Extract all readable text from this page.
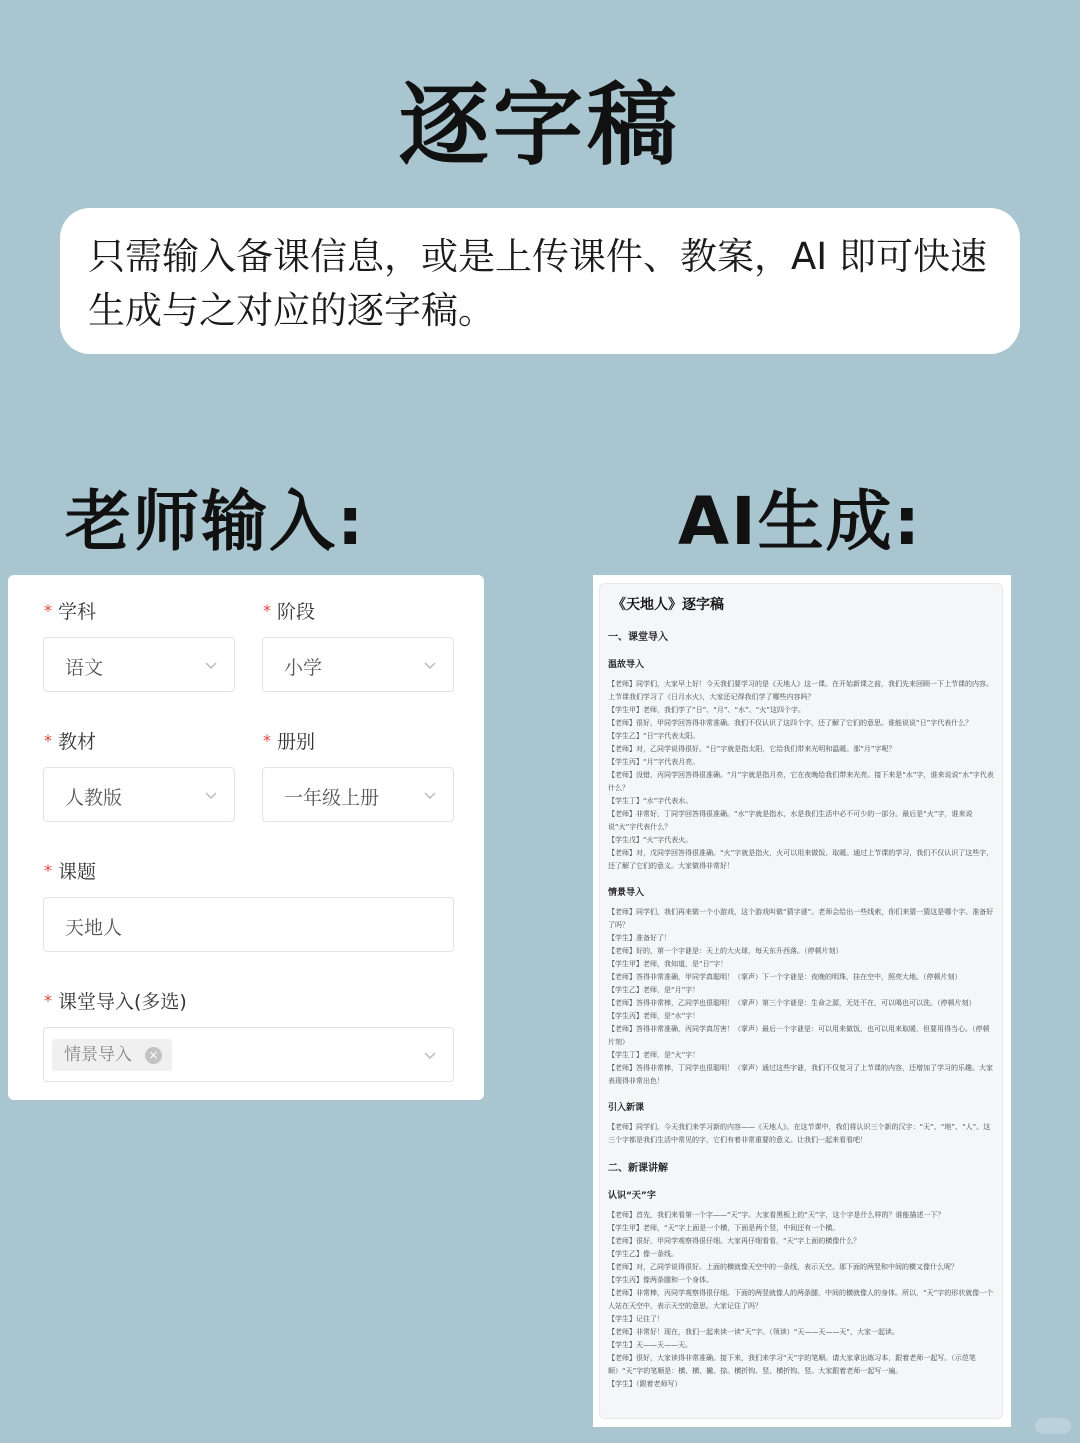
逐字稿

只需输入备课信息，或是上传课件、教案，AI 即可快速生成与之对应的逐字稿。

老师输入:	AI生成:
* 学科
语文
* 阶段
小学
* 教材
人教版
* 册别
一年级上册
* 课题
天地人
* 课堂导入(多选)
情景导入 ×
《天地人》逐字稿
一、课堂导入
温故导入

【老师】同学们，大家早上好！今天我们要学习的是《天地人》这一课。在开始新课之前，我们先来回顾一下上节课的内容。上节课我们学习了《日月水火》，大家还记得我们学了哪些内容吗？

【学生甲】老师，我们学了“日”、“月”、“水”、“火”这四个字。

【老师】很好，甲同学回答得非常准确。我们不仅认识了这四个字，还了解了它们的意思。谁能说说“日”字代表什么？

【学生乙】“日”字代表太阳。

【老师】对，乙同学说得很好。“日”字就是指太阳，它给我们带来光明和温暖。那“月”字呢？

【学生丙】“月”字代表月亮。

【老师】没错，丙同学回答得很准确。“月”字就是指月亮，它在夜晚给我们带来光亮。接下来是“水”字，谁来说说“水”字代表什么？

【学生丁】“水”字代表水。

【老师】非常好，丁同学回答得很准确。“水”字就是指水，水是我们生活中必不可少的一部分。最后是“火”字，谁来说说“火”字代表什么？

【学生戊】“火”字代表火。

【老师】对，戊同学回答得很准确。“火”字就是指火，火可以用来做饭、取暖。通过上节课的学习，我们不仅认识了这些字，还了解了它们的意义。大家做得非常好！

情景导入

【老师】同学们，我们再来做一个小游戏，这个游戏叫做“猜字谜”。老师会给出一些线索，你们来猜一猜这是哪个字。准备好了吗？

【学生】准备好了！

【老师】好的，第一个字谜是：天上的大火球，每天东升西落。（停顿片刻）

【学生甲】老师，我知道，是“日”字！

【老师】答得非常准确，甲同学真聪明！（掌声）下一个字谜是：夜晚的明珠，挂在空中，照亮大地。（停顿片刻）

【学生乙】老师，是“月”字！

【老师】答得非常棒，乙同学也很聪明！（掌声）第三个字谜是：生命之源，无处不在，可以喝也可以洗。（停顿片刻）

【学生丙】老师，是“水”字！

【老师】答得非常准确，丙同学真厉害！（掌声）最后一个字谜是：可以用来做饭，也可以用来取暖，但要用得当心。（停顿片刻）

【学生丁】老师，是“火”字！

【老师】答得非常棒，丁同学也很聪明！（掌声）通过这些字谜，我们不仅复习了上节课的内容，还增加了学习的乐趣。大家表现得非常出色！

引入新课

【老师】同学们，今天我们来学习新的内容——《天地人》。在这节课中，我们将认识三个新的汉字：“天”、“地”、“人”。这三个字都是我们生活中常见的字，它们有着非常重要的意义。让我们一起来看看吧！

二、新课讲解
认识“天”字

【老师】首先，我们来看第一个字——“天”字。大家看黑板上的“天”字，这个字是什么样的？谁能描述一下？

【学生甲】老师，“天”字上面是一个横，下面是两个竖，中间还有一个横。

【老师】很好，甲同学观察得很仔细。大家再仔细看看，“天”字上面的横像什么？

【学生乙】像一条线。

【老师】对，乙同学说得很好。上面的横就像天空中的一条线，表示天空。那下面的两竖和中间的横又像什么呢？

【学生丙】像两条腿和一个身体。

【老师】非常棒，丙同学观察得很仔细。下面的两竖就像人的两条腿，中间的横就像人的身体。所以，“天”字的形状就像一个人站在天空中，表示天空的意思。大家记住了吗？

【学生】记住了！

【老师】非常好！现在，我们一起来读一读“天”字。（领读）“天——天——天”，大家一起读。

【学生】天——天——天。

【老师】很好，大家读得非常准确。接下来，我们来学习“天”字的笔顺。请大家拿出练习本，跟着老师一起写。（示范笔顺）“天”字的笔顺是：横、横、撇、捺。横折钩、竖、横折钩、竖。大家跟着老师一起写一遍。

【学生】（跟着老师写）
